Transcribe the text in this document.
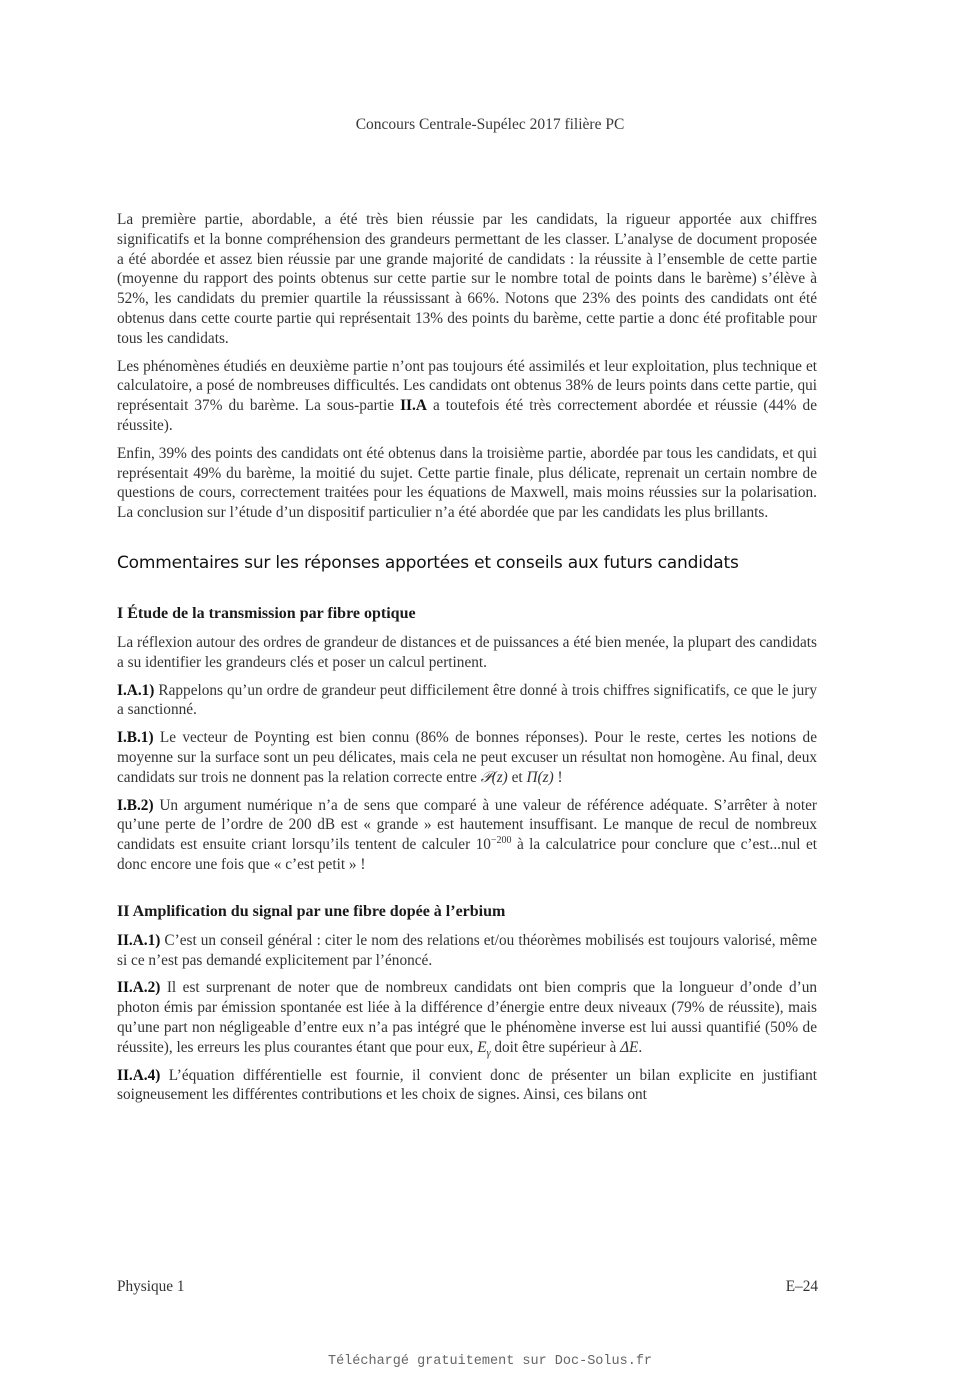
Concours Centrale-Supélec 2017 filière PC

La première partie, abordable, a été très bien réussie par les candidats, la rigueur apportée aux chiffres significatifs et la bonne compréhension des grandeurs permettant de les classer. L’analyse de document proposée a été abordée et assez bien réussie par une grande majorité de candidats : la réussite à l’ensemble de cette partie (moyenne du rapport des points obtenus sur cette partie sur le nombre total de points dans le barème) s’élève à 52%, les candidats du premier quartile la réussissant à 66%. Notons que 23% des points des candidats ont été obtenus dans cette courte partie qui représentait 13% des points du barème, cette partie a donc été profitable pour tous les candidats.

Les phénomènes étudiés en deuxième partie n’ont pas toujours été assimilés et leur exploitation, plus technique et calculatoire, a posé de nombreuses difficultés. Les candidats ont obtenus 38% de leurs points dans cette partie, qui représentait 37% du barème. La sous-partie II.A a toutefois été très correctement abordée et réussie (44% de réussite).

Enfin, 39% des points des candidats ont été obtenus dans la troisième partie, abordée par tous les candidats, et qui représentait 49% du barème, la moitié du sujet. Cette partie finale, plus délicate, reprenait un certain nombre de questions de cours, correctement traitées pour les équations de Maxwell, mais moins réussies sur la polarisation. La conclusion sur l’étude d’un dispositif particulier n’a été abordée que par les candidats les plus brillants.

Commentaires sur les réponses apportées et conseils aux futurs candidats
I Étude de la transmission par fibre optique

La réflexion autour des ordres de grandeur de distances et de puissances a été bien menée, la plupart des candidats a su identifier les grandeurs clés et poser un calcul pertinent.

I.A.1) Rappelons qu’un ordre de grandeur peut difficilement être donné à trois chiffres significatifs, ce que le jury a sanctionné.

I.B.1) Le vecteur de Poynting est bien connu (86% de bonnes réponses). Pour le reste, certes les notions de moyenne sur la surface sont un peu délicates, mais cela ne peut excuser un résultat non homogène. Au final, deux candidats sur trois ne donnent pas la relation correcte entre 𝒫(z) et Π(z) !

I.B.2) Un argument numérique n’a de sens que comparé à une valeur de référence adéquate. S’arrêter à noter qu’une perte de l’ordre de 200 dB est « grande » est hautement insuffisant. Le manque de recul de nombreux candidats est ensuite criant lorsqu’ils tentent de calculer $10^{-200}$ à la calculatrice pour conclure que c’est...nul et donc encore une fois que « c’est petit » !

II Amplification du signal par une fibre dopée à l’erbium

II.A.1) C’est un conseil général : citer le nom des relations et/ou théorèmes mobilisés est toujours valorisé, même si ce n’est pas demandé explicitement par l’énoncé.

II.A.2) Il est surprenant de noter que de nombreux candidats ont bien compris que la longueur d’onde d’un photon émis par émission spontanée est liée à la différence d’énergie entre deux niveaux (79% de réussite), mais qu’une part non négligeable d’entre eux n’a pas intégré que le phénomène inverse est lui aussi quantifié (50% de réussite), les erreurs les plus courantes étant que pour eux, $E_\gamma$ doit être supérieur à ΔE.

II.A.4) L’équation différentielle est fournie, il convient donc de présenter un bilan explicite en justifiant soigneusement les différentes contributions et les choix de signes. Ainsi, ces bilans ont

Physique 1	E–24
Téléchargé gratuitement sur Doc-Solus.fr
